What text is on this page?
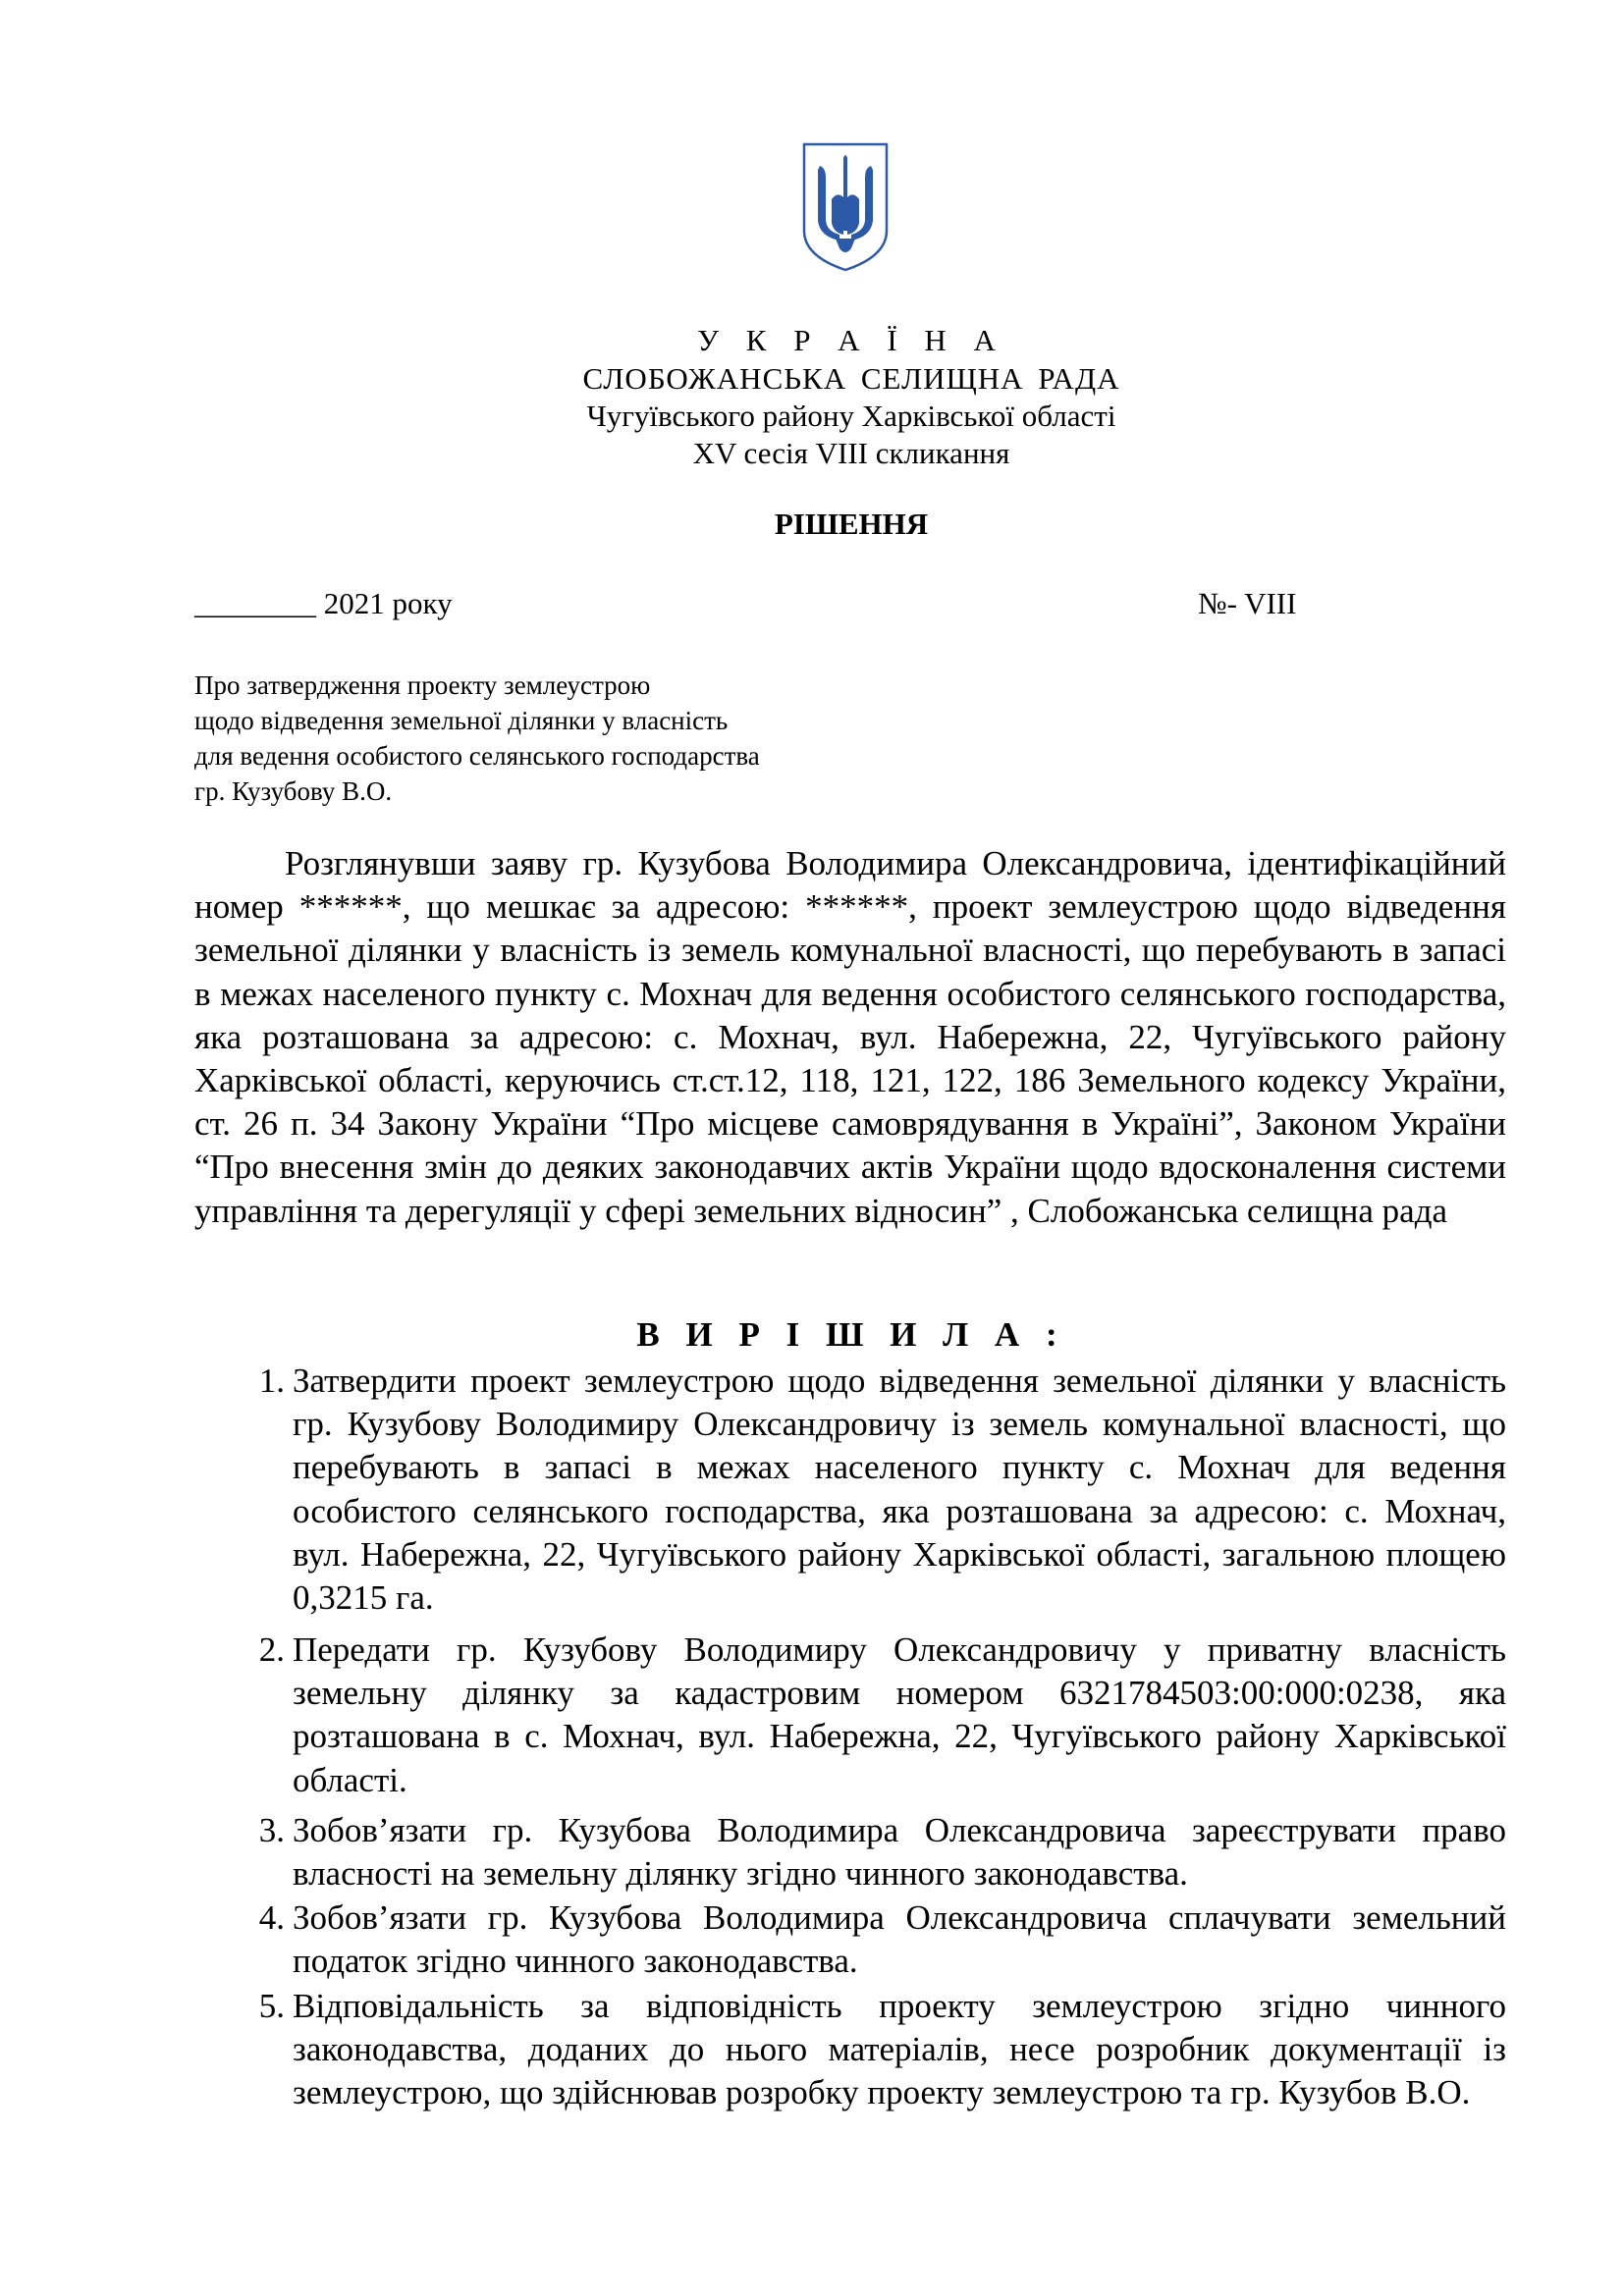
У К Р А Ї Н А
СЛОБОЖАНСЬКА СЕЛИЩНА РАДА
Чугуївського району Харківської області
XV сесія VIII скликання
РІШЕННЯ
________ 2021 року	№- VIII
Про затвердження проекту землеустрою
щодо відведення земельної ділянки у власність
для ведення особистого селянського господарства
гр. Кузубову В.О.
Розглянувши заяву гр. Кузубова Володимира Олександровича, ідентифікаційний номер ******, що мешкає за адресою: ******, проект землеустрою щодо відведення земельної ділянки у власність із земель комунальної власності, що перебувають в запасі в межах населеного пункту с. Мохнач для ведення особистого селянського господарства, яка розташована за адресою: с. Мохнач, вул. Набережна, 22, Чугуївського району Харківської області, керуючись ст.ст.12, 118, 121, 122, 186 Земельного кодексу України, ст. 26 п. 34 Закону України “Про місцеве самоврядування в Україні”, Законом України “Про внесення змін до деяких законодавчих актів України щодо вдосконалення системи управління та дерегуляції у сфері земельних відносин” , Слобожанська селищна рада
В И Р І Ш И Л А :
1. Затвердити проект землеустрою щодо відведення земельної ділянки у власність гр. Кузубову Володимиру Олександровичу із земель комунальної власності, що перебувають в запасі в межах населеного пункту с. Мохнач для ведення особистого селянського господарства, яка розташована за адресою: с. Мохнач, вул. Набережна, 22, Чугуївського району Харківської області, загальною площею 0,3215 га.
2. Передати гр. Кузубову Володимиру Олександровичу у приватну власність земельну ділянку за кадастровим номером 6321784503:00:000:0238, яка розташована в с. Мохнач, вул. Набережна, 22, Чугуївського району Харківської області.
3. Зобов’язати гр. Кузубова Володимира Олександровича зареєструвати право власності на земельну ділянку згідно чинного законодавства.
4. Зобов’язати гр. Кузубова Володимира Олександровича сплачувати земельний податок згідно чинного законодавства.
5. Відповідальність за відповідність проекту землеустрою згідно чинного законодавства, доданих до нього матеріалів, несе розробник документації із землеустрою, що здійснював розробку проекту землеустрою та гр. Кузубов В.О.
